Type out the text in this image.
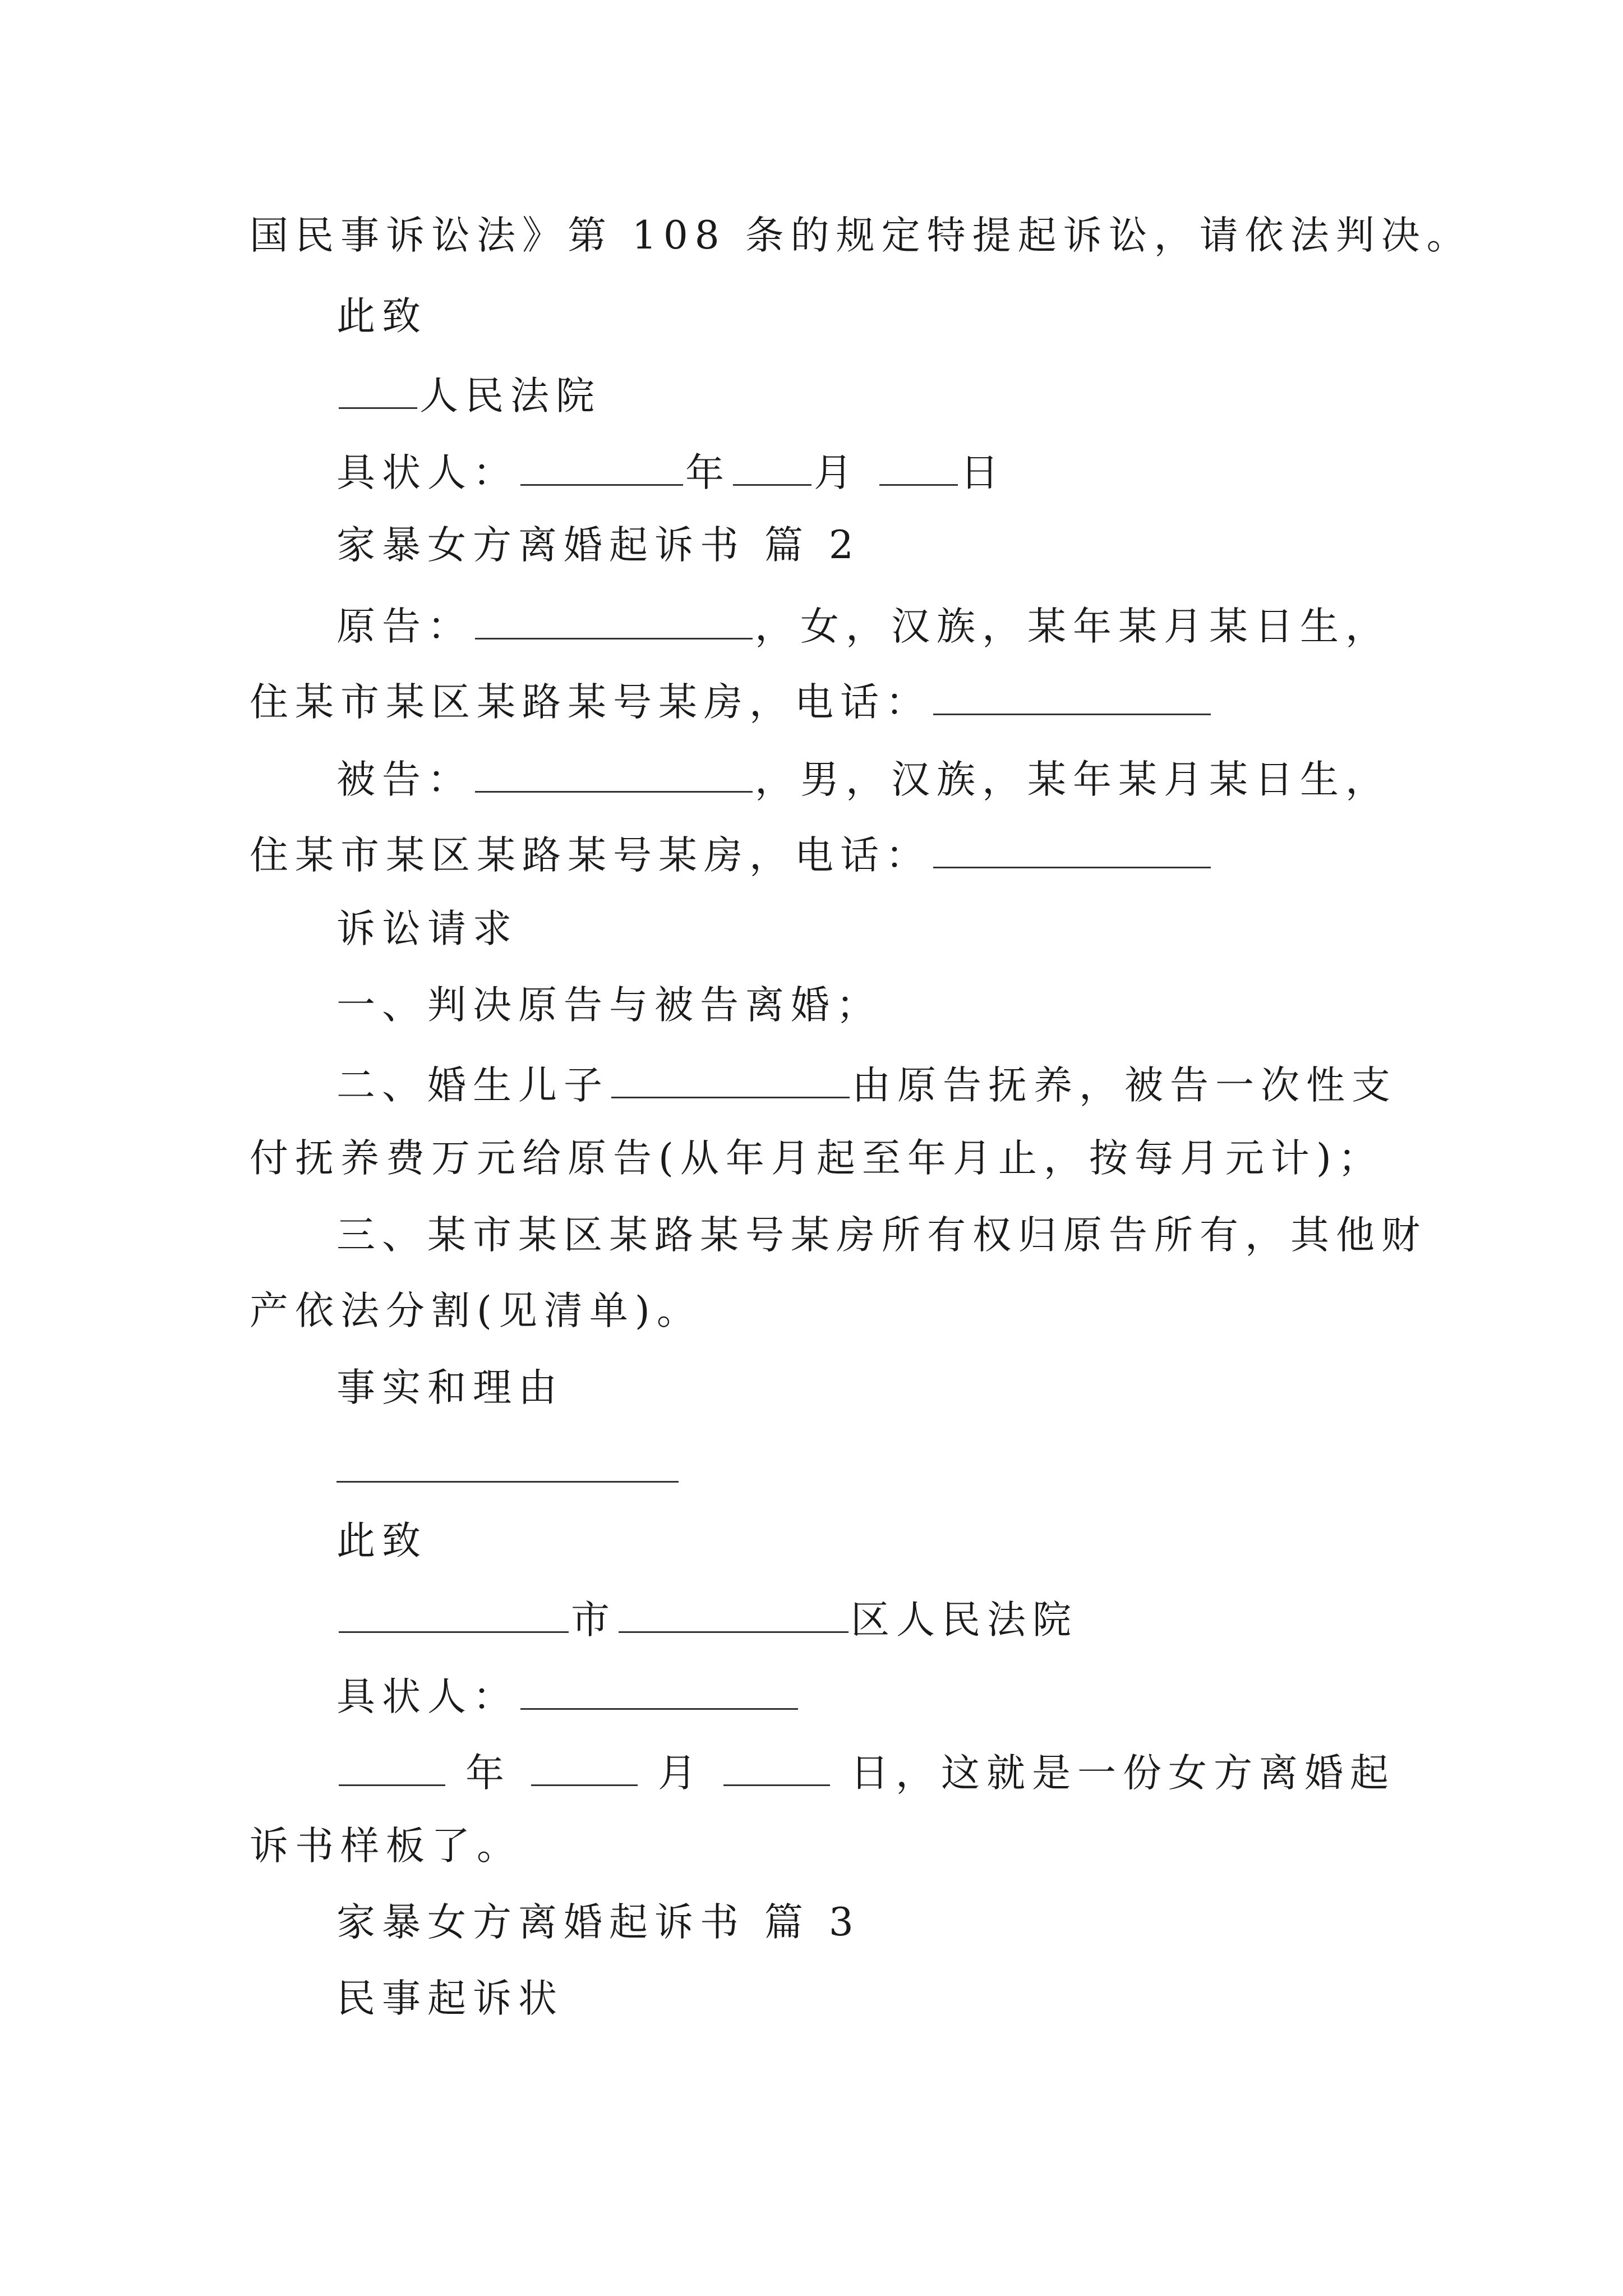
国民事诉讼法》第 108 条的规定特提起诉讼，请依法判决。

此致

人民法院

具状人：	年 月	日

家暴女方离婚起诉书 篇 2

原告：	，女，汉族，某年某月某日生，

住某市某区某路某号某房，电话：

被告：	，男，汉族，某年某月某日生，

住某市某区某路某号某房，电话：

诉讼请求

一、判决原告与被告离婚；

二、婚生儿子	由原告抚养，被告一次性支

付抚养费万元给原告(从年月起至年月止，按每月元计)；

三、某市某区某路某号某房所有权归原告所有，其他财

产依法分割(见清单)。

事实和理由

此致

市	区人民法院

具状人：

年	月	日，这就是一份女方离婚起

诉书样板了。

家暴女方离婚起诉书 篇 3

民事起诉状
